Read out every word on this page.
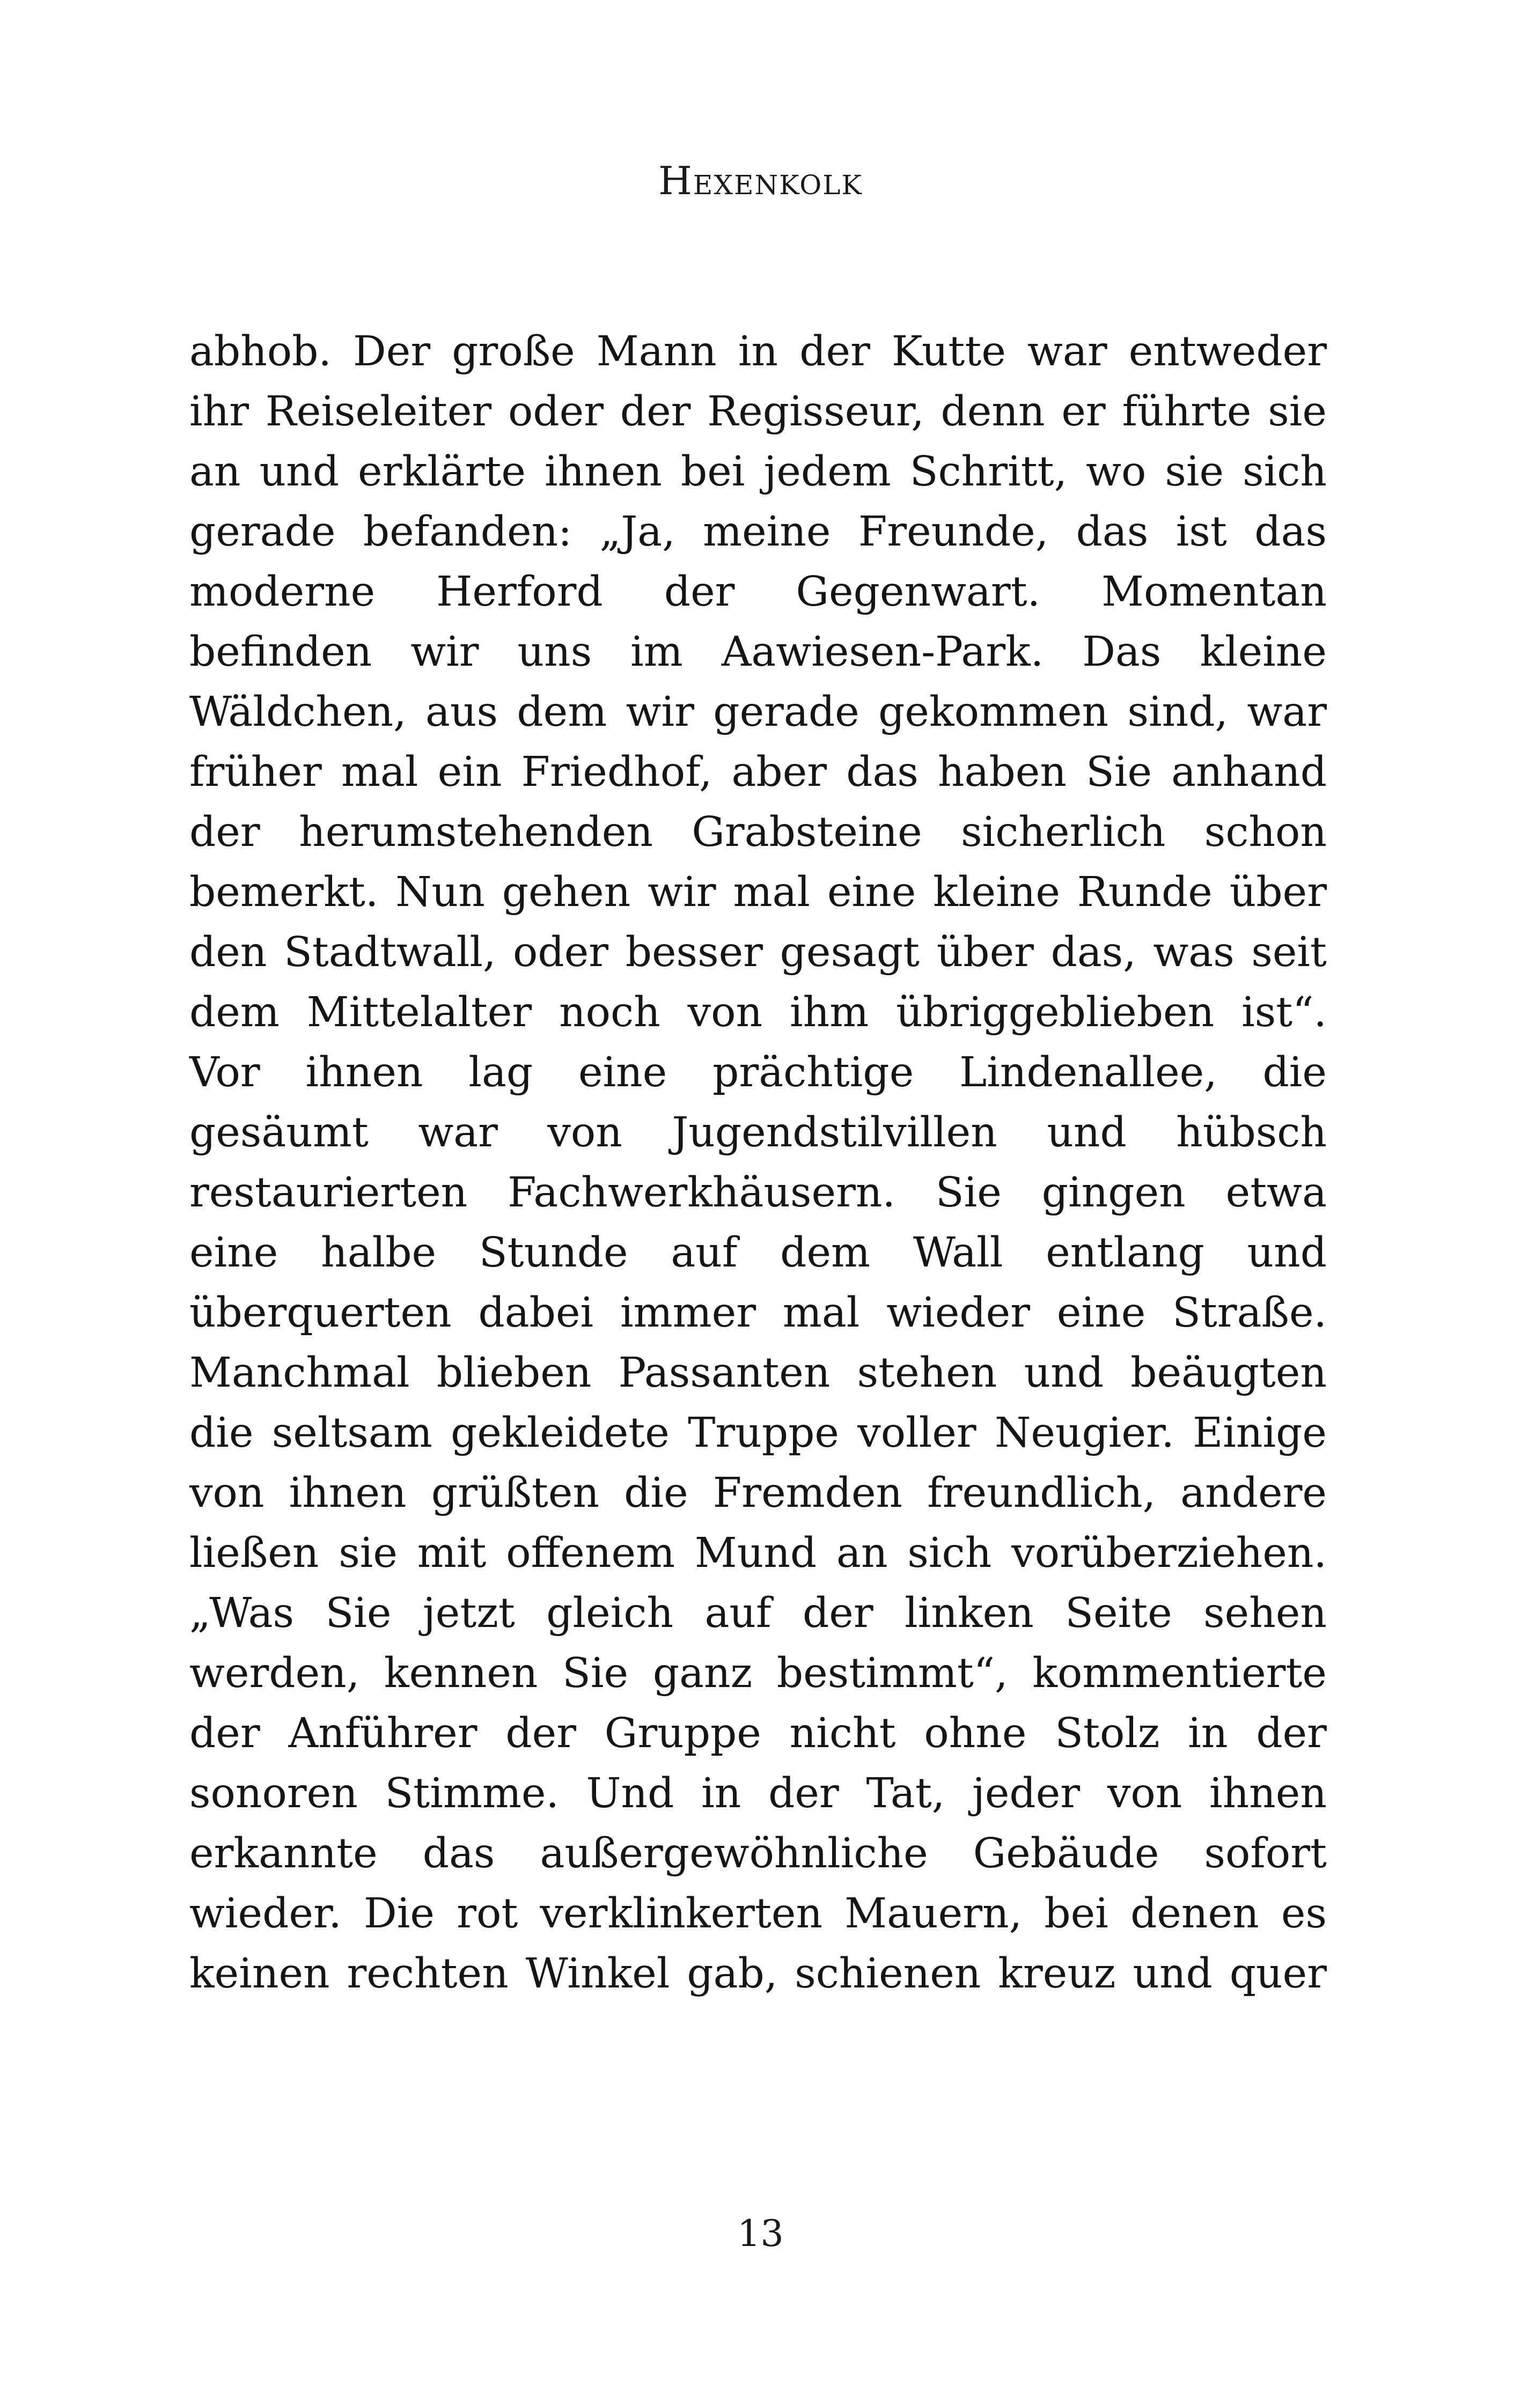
Hexenkolk
abhob. Der große Mann in der Kutte war entweder
ihr Reiseleiter oder der Regisseur, denn er führte sie
an und erklärte ihnen bei jedem Schritt, wo sie sich
gerade befanden: „Ja, meine Freunde, das ist das
moderne Herford der Gegenwart. Momentan
befinden wir uns im Aawiesen-Park. Das kleine
Wäldchen, aus dem wir gerade gekommen sind, war
früher mal ein Friedhof, aber das haben Sie anhand
der herumstehenden Grabsteine sicherlich schon
bemerkt. Nun gehen wir mal eine kleine Runde über
den Stadtwall, oder besser gesagt über das, was seit
dem Mittelalter noch von ihm übriggeblieben ist“.
Vor ihnen lag eine prächtige Lindenallee, die
gesäumt war von Jugendstilvillen und hübsch
restaurierten Fachwerkhäusern. Sie gingen etwa
eine halbe Stunde auf dem Wall entlang und
überquerten dabei immer mal wieder eine Straße.
Manchmal blieben Passanten stehen und beäugten
die seltsam gekleidete Truppe voller Neugier. Einige
von ihnen grüßten die Fremden freundlich, andere
ließen sie mit offenem Mund an sich vorüberziehen.
„Was Sie jetzt gleich auf der linken Seite sehen
werden, kennen Sie ganz bestimmt“, kommentierte
der Anführer der Gruppe nicht ohne Stolz in der
sonoren Stimme. Und in der Tat, jeder von ihnen
erkannte das außergewöhnliche Gebäude sofort
wieder. Die rot verklinkerten Mauern, bei denen es
keinen rechten Winkel gab, schienen kreuz und quer
13
